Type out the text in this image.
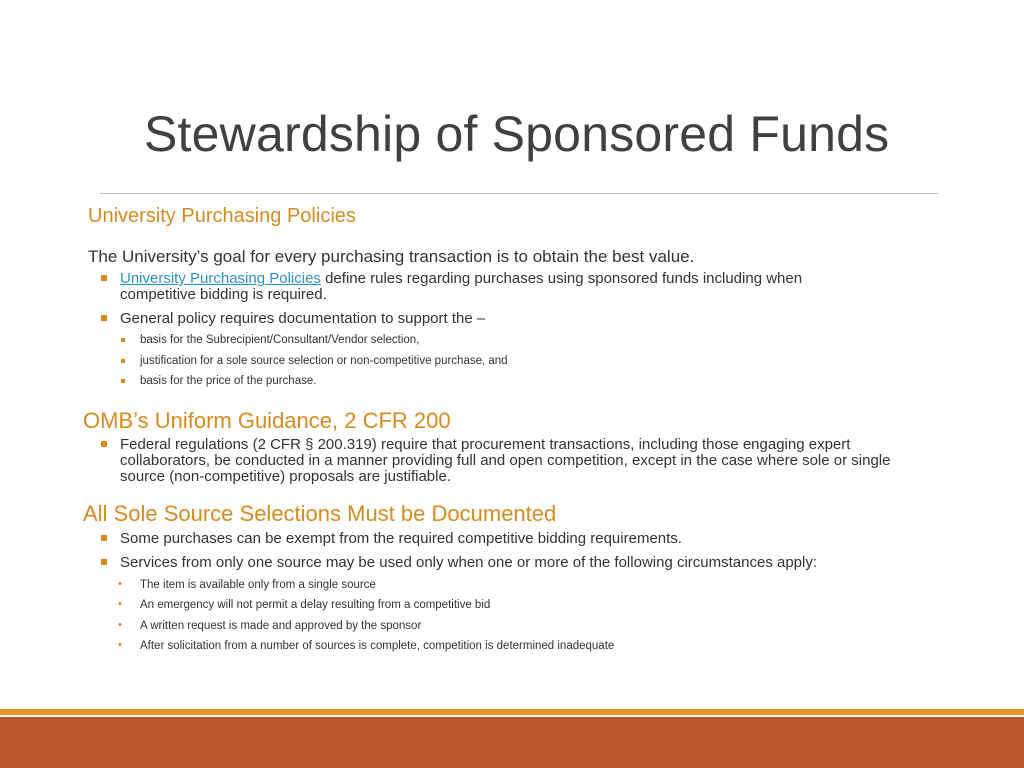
Stewardship of Sponsored Funds
University Purchasing Policies
The University’s goal for every purchasing transaction is to obtain the best value.
University Purchasing Policies define rules regarding purchases using sponsored funds including when
competitive bidding is required.
General policy requires documentation to support the –
basis for the Subrecipient/Consultant/Vendor selection,
justification for a sole source selection or non-competitive purchase, and
basis for the price of the purchase.
OMB’s Uniform Guidance, 2 CFR 200
Federal regulations (2 CFR § 200.319) require that procurement transactions, including those engaging expert
collaborators, be conducted in a manner providing full and open competition, except in the case where sole or single
source (non-competitive) proposals are justifiable.
All Sole Source Selections Must be Documented
Some purchases can be exempt from the required competitive bidding requirements.
Services from only one source may be used only when one or more of the following circumstances apply:
• The item is available only from a single source
• An emergency will not permit a delay resulting from a competitive bid
• A written request is made and approved by the sponsor
• After solicitation from a number of sources is complete, competition is determined inadequate
